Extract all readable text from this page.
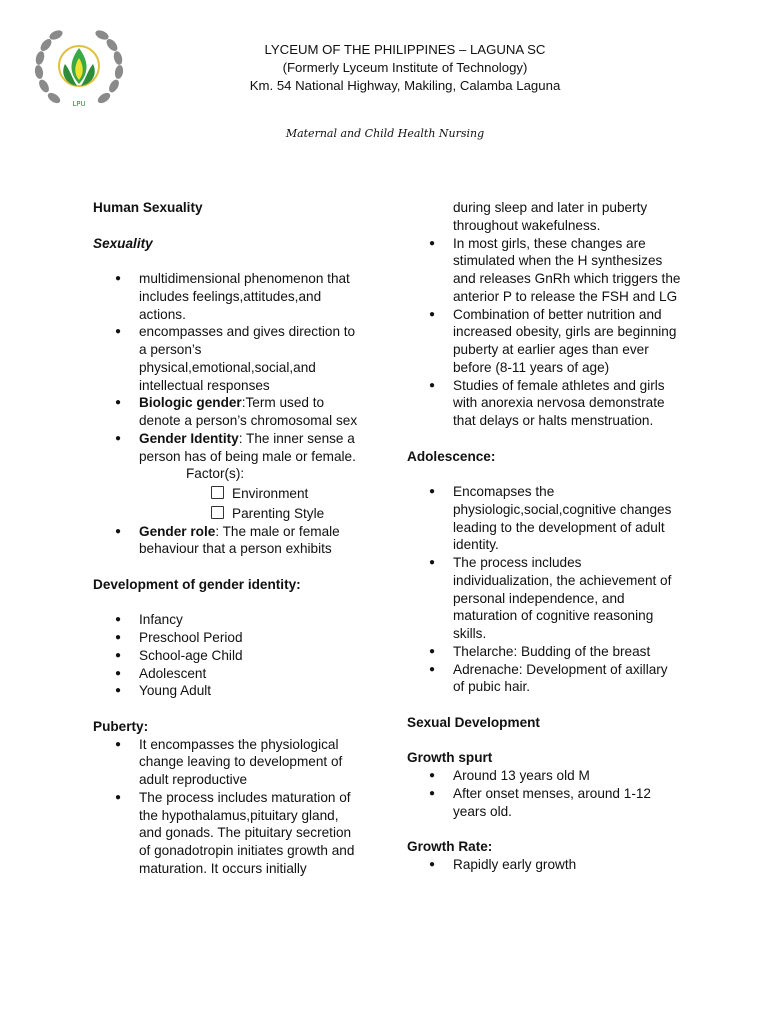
LPU
LYCEUM OF THE PHILIPPINES – LAGUNA SC
(Formerly Lyceum Institute of Technology)
Km. 54 National Highway, Makiling, Calamba Laguna
Maternal and Child Health Nursing
Human Sexuality
Sexuality
● multidimensional phenomenon that includes feelings,attitudes,and actions.
● encompasses and gives direction to a person’s physical,emotional,social,and intellectual responses
● Biologic gender:Term used to denote a person’s chromosomal sex
● Gender Identity: The inner sense a person has of being male or female.
Factor(s):
Environment
Parenting Style
● Gender role: The male or female behaviour that a person exhibits
Development of gender identity:
● Infancy
● Preschool Period
● School-age Child
● Adolescent
● Young Adult
Puberty:
● It encompasses the physiological change leaving to development of adult reproductive
● The process includes maturation of the hypothalamus,pituitary gland, and gonads. The pituitary secretion of gonadotropin initiates growth and maturation. It occurs initially
during sleep and later in puberty throughout wakefulness.
● In most girls, these changes are stimulated when the H synthesizes and releases GnRh which triggers the anterior P to release the FSH and LG
● Combination of better nutrition and increased obesity, girls are beginning puberty at earlier ages than ever before (8-11 years of age)
● Studies of female athletes and girls with anorexia nervosa demonstrate that delays or halts menstruation.
Adolescence:
● Encomapses the physiologic,social,cognitive changes leading to the development of adult identity.
● The process includes individualization, the achievement of personal independence, and maturation of cognitive reasoning skills.
● Thelarche: Budding of the breast
● Adrenache: Development of axillary of pubic hair.
Sexual Development
Growth spurt
● Around 13 years old M
● After onset menses, around 1-12 years old.
Growth Rate:
● Rapidly early growth
